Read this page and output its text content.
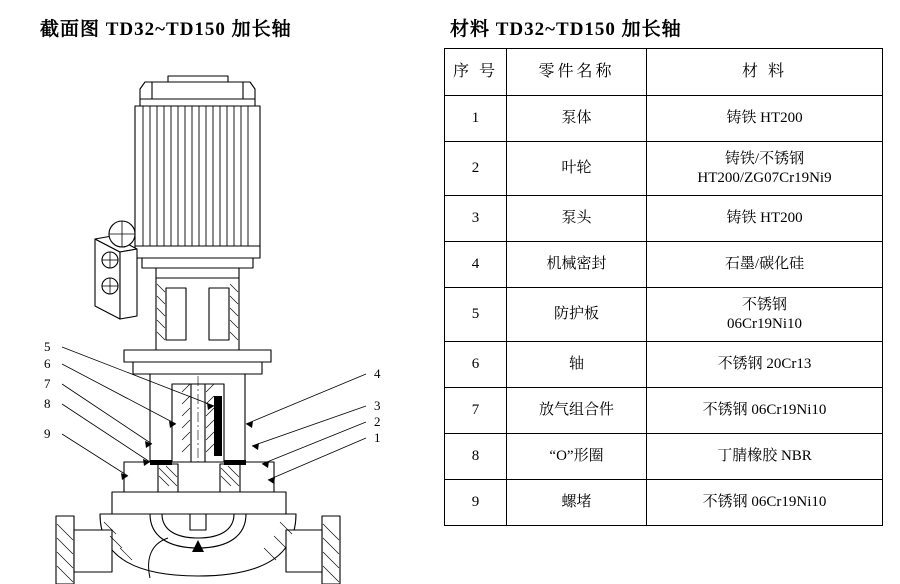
截面图 TD32~TD150 加长轴
5
6
7
8
9
4
3
2
1
材料 TD32~TD150 加长轴
序 号	零件名称	材 料
1	泵体	铸铁 HT200

2	叶轮	铸铁/不锈钢
HT200/ZG07Cr19Ni9

3	泵头	铸铁 HT200

4	机械密封	石墨/碳化硅

5	防护板	不锈钢
06Cr19Ni10

6	轴	不锈钢 20Cr13

7	放气组合件	不锈钢 06Cr19Ni10

8	“O”形圈	丁腈橡胶 NBR

9	螺堵	不锈钢 06Cr19Ni10
